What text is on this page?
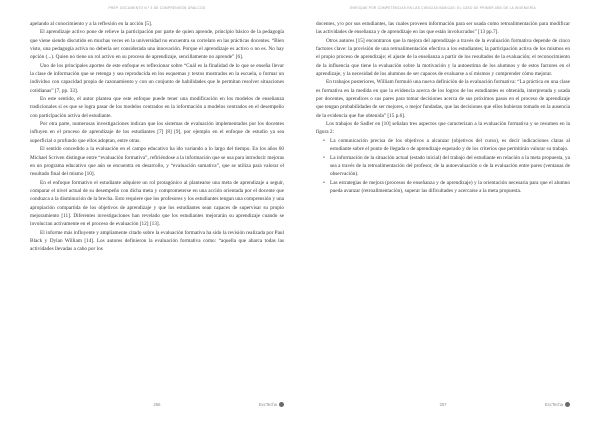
PREP. DOCUMENTO N.º 3 DE COMPRENSIÓN GRALCOG

apelando al conocimiento y a la reflexión en la acción [5].

El aprendizaje activo pone de relieve la participación por parte de quien aprende, principio básico de la pedagogía que viene siendo discutido en muchas veces en la universidad no encuentra su correlato en las prácticas docentes. “Bien visto, una pedagogía activa no debería ser considerada una innovación. Porque el aprendizaje es activo o no es. No hay opción (...). Quien no tiene un rol activo en su proceso de aprendizaje, sencillamente no aprende” [6].

Uno de los principales aportes de este enfoque es reflexionar sobre “Cuál es la finalidad de lo que se enseña llevar la clase de información que se retenga y sea reproducida en los esquemas y textos mostrados en la escuela, o formar un individuo con capacidad propia de razonamiento y con un conjunto de habilidades que le permitan resolver situaciones cotidianas” [7, pp. 33].

En este sentido, el autor plantea que este enfoque puede tener una modificación en los modelos de enseñanza tradicionales si es que se logra pasar de los modelos centrados en la información a modelos centrados en el desempeño con participación activa del estudiante.

Por otra parte, numerosas investigaciones indican que los sistemas de evaluación implementados por los docentes influyen en el proceso de aprendizaje de los estudiantes [7] [8] [9], por ejemplo en el enfoque de estudio ya sea superficial o profundo que ellos adoptan, entre otras.

El sentido concedido a la evaluación en el campo educativo ha ido variando a lo largo del tiempo. En los años 60 Michael Scriven distingue entre “evaluación formativa”, refiriéndose a la información que se usa para introducir mejoras en un programa educativo que aún se encuentra en desarrollo, y “evaluación sumativa”, que se utiliza para valorar el resultado final del mismo [10].

En el enfoque formativo el estudiante adquiere un rol protagónico al plantearse una meta de aprendizaje a seguir, comparar el nivel actual de su desempeño con dicha meta y comprometerse en una acción orientada por el docente que conduzca a la disminución de la brecha. Esto requiere que los profesores y los estudiantes tengan una comprensión y una apropiación compartida de los objetivos de aprendizaje y que los estudiantes sean capaces de supervisar su propio mejoramiento [11]. Diferentes investigaciones han revelado que los estudiantes mejorarán su aprendizaje cuando se involucran activamente en el proceso de evaluación [12] [13].

El informe más influyente y ampliamente citado sobre la evaluación formativa ha sido la revisión realizada por Paul Black y Dylan William [14]. Los autores definieron la evaluación formativa como: “aquella que abarca todas las actividades llevadas a cabo por los

256	ExcTecha
ENFOQUE POR COMPETENCIAS EN LAS CIENCIAS BÁSICAS: EL CASO DE PRIMER AÑO DE LA INGENIERÍA

docentes, y/o por sus estudiantes, las cuales proveen información para ser usada como retroalimentación para modificar las actividades de enseñanza y de aprendizaje en las que están involucrados” [13 pp.7].

Otros autores [15] encontraron que la mejora del aprendizaje a través de la evaluación formativa depende de cinco factores clave: la provisión de una retroalimentación efectiva a los estudiantes; la participación activa de los mismos en el propio proceso de aprendizaje; el ajuste de la enseñanza a partir de los resultados de la evaluación; el reconocimiento de la influencia que tiene la evaluación sobre la motivación y la autoestima de los alumnos y de estos factores en el aprendizaje, y la necesidad de los alumnos de ser capaces de evaluarse a sí mismos y comprender cómo mejorar.

En trabajos posteriores, William formuló una nueva definición de la evaluación formativa: “La práctica en una clase es formativa en la medida en que la evidencia acerca de los logros de los estudiantes es obtenida, interpretada y usada por docentes, aprendices o sus pares para tomar decisiones acerca de sus próximos pasos en el proceso de aprendizaje que tengan probabilidades de ser mejores, o mejor fundadas, que las decisiones que ellos hubieran tomado en la ausencia de la evidencia que fue obtenida” [15 p.6].

Los trabajos de Sadler en [10] señalan tres aspectos que caracterizan a la evaluación formativa y se resumen en la figura 2:

• La comunicación precisa de los objetivos a alcanzar (objetivos del curso), es decir indicaciones claras al estudiante sobre el punto de llegada o de aprendizaje esperado y de los criterios que permitirán valorar su trabajo.
• La información de la situación actual (estado inicial) del trabajo del estudiante en relación a la meta propuesta, ya sea a través de la retroalimentación del profesor, de la autoevaluación o de la evaluación entre pares (ventanas de observación).
• Las estrategias de mejora (procesos de enseñanza y de aprendizaje) y la orientación necesaria para que el alumno pueda avanzar (retroalimentación), superar las dificultades y acercarse a la meta propuesta.
257	ExcTecha
